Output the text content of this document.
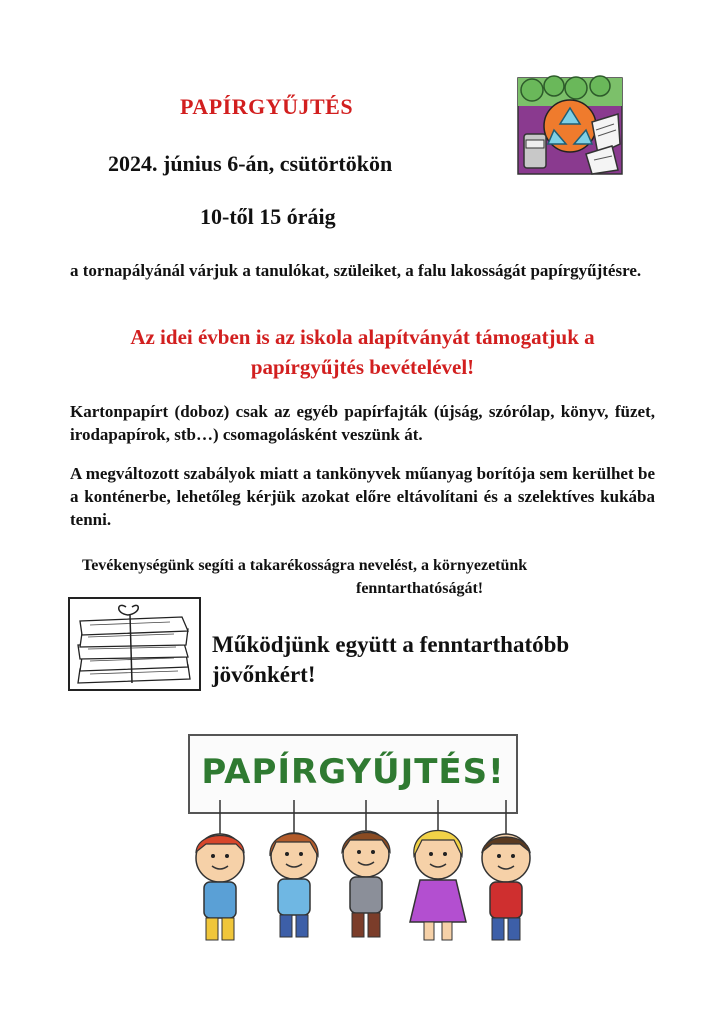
PAPÍRGYŰJTÉS
2024. június 6-án, csütörtökön
10-től 15 óráig
a tornapályánál várjuk a tanulókat, szüleiket, a falu lakosságát papírgyűjtésre.
Az idei évben is az iskola alapítványát támogatjuk a
papírgyűjtés bevételével!
Kartonpapírt (doboz) csak az egyéb papírfajták (újság, szórólap, könyv, füzet, irodapapírok, stb…) csomagolásként veszünk át.
A megváltozott szabályok miatt a tankönyvek műanyag borítója sem kerülhet be a konténerbe, lehetőleg kérjük azokat előre eltávolítani és a szelektíves kukába tenni.
Tevékenységünk segíti a takarékosságra nevelést, a környezetünk
fenntarthatóságát!
Működjünk együtt a fenntarthatóbb
jövőnkért!
PAPÍRGYŰJTÉS!
